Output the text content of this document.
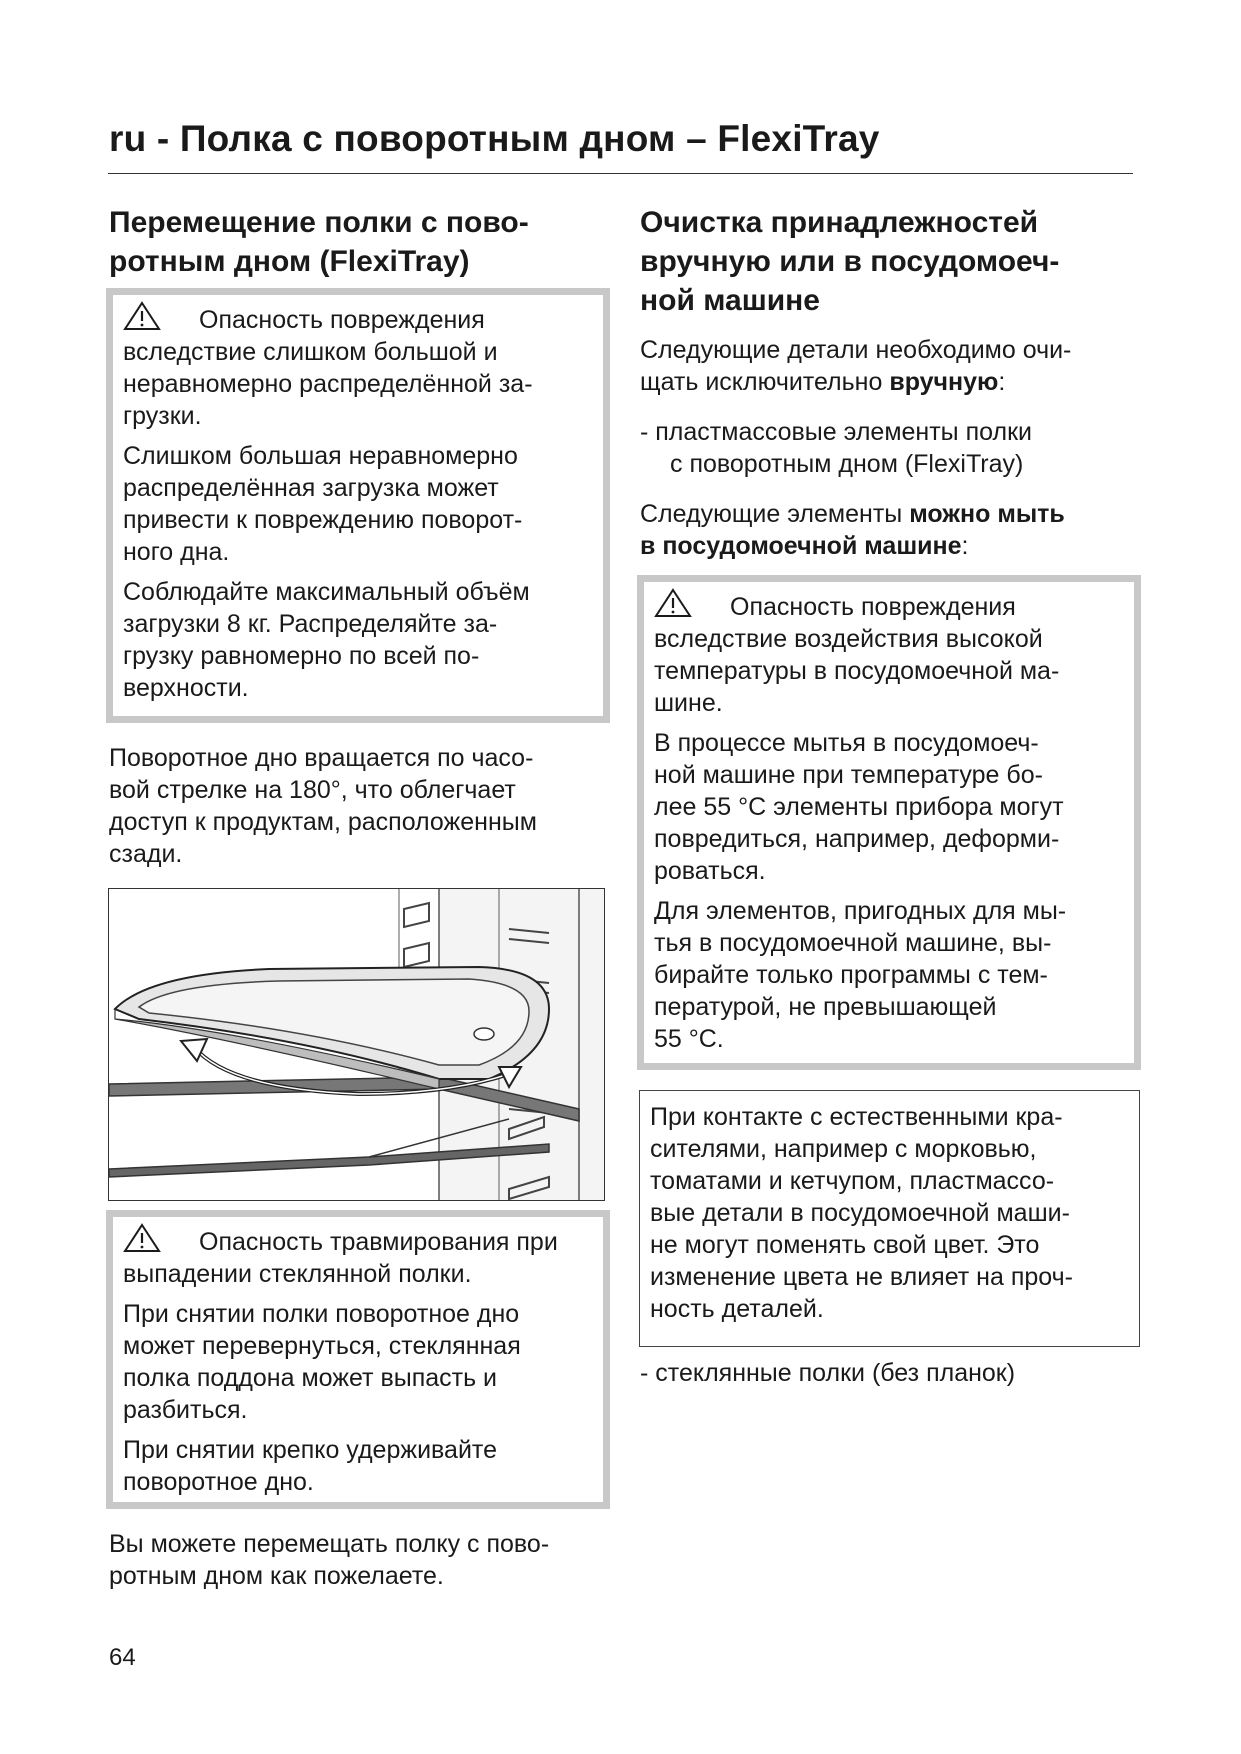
ru - Полка с поворотным дном – FlexiTray
Перемещение полки с пово-
ротным дном (FlexiTray)

Опасность повреждения
вследствие слишком большой и
неравномерно распределённой за-
грузки.

Слишком большая неравномерно
распределённая загрузка может
привести к повреждению поворот-
ного дна.

Соблюдайте максимальный объём
загрузки 8 кг. Распределяйте за-
грузку равномерно по всей по-
верхности.

Поворотное дно вращается по часо-
вой стрелке на 180°, что облегчает
доступ к продуктам, расположенным
сзади.

Опасность травмирования при
выпадении стеклянной полки.

При снятии полки поворотное дно
может перевернуться, стеклянная
полка поддона может выпасть и
разбиться.

При снятии крепко удерживайте
поворотное дно.

Вы можете перемещать полку с пово-
ротным дном как пожелаете.

Очистка принадлежностей
вручную или в посудомоеч-
ной машине

Следующие детали необходимо очи-
щать исключительно вручную:

- пластмассовые элементы полки
с поворотным дном (FlexiTray)

Следующие элементы можно мыть
в посудомоечной машине:

Опасность повреждения
вследствие воздействия высокой
температуры в посудомоечной ма-
шине.

В процессе мытья в посудомоеч-
ной машине при температуре бо-
лее 55 °C элементы прибора могут
повредиться, например, деформи-
роваться.

Для элементов, пригодных для мы-
тья в посудомоечной машине, вы-
бирайте только программы с тем-
пературой, не превышающей
55 °C.

При контакте с естественными кра-
сителями, например с морковью,
томатами и кетчупом, пластмассо-
вые детали в посудомоечной маши-
не могут поменять свой цвет. Это
изменение цвета не влияет на проч-
ность деталей.

- стеклянные полки (без планок)

64
